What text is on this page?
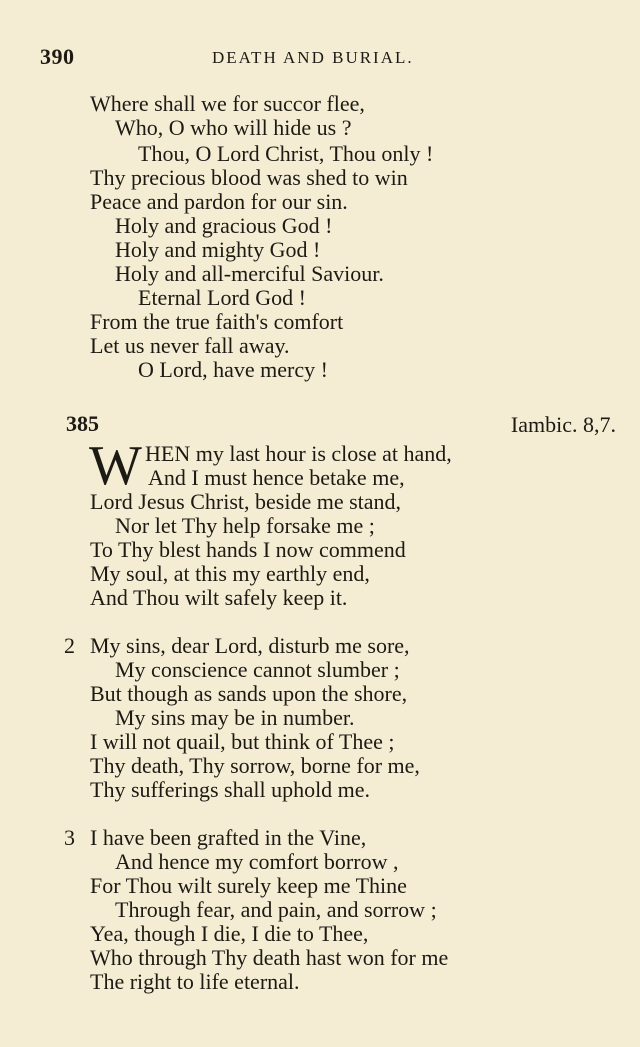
390	DEATH AND BURIAL.
Where shall we for succor flee,
Who, O who will hide us ?
Thou, O Lord Christ, Thou only !
Thy precious blood was shed to win
Peace and pardon for our sin.
Holy and gracious God !
Holy and mighty God !
Holy and all-merciful Saviour.
Eternal Lord God !
From the true faith's comfort
Let us never fall away.
O Lord, have mercy !
385	Iambic. 8,7.
W HEN my last hour is close at hand,
And I must hence betake me,
Lord Jesus Christ, beside me stand,
Nor let Thy help forsake me ;
To Thy blest hands I now commend
My soul, at this my earthly end,
And Thou wilt safely keep it.
2 My sins, dear Lord, disturb me sore,
My conscience cannot slumber ;
But though as sands upon the shore,
My sins may be in number.
I will not quail, but think of Thee ;
Thy death, Thy sorrow, borne for me,
Thy sufferings shall uphold me.
3 I have been grafted in the Vine,
And hence my comfort borrow ,
For Thou wilt surely keep me Thine
Through fear, and pain, and sorrow ;
Yea, though I die, I die to Thee,
Who through Thy death hast won for me
The right to life eternal.
